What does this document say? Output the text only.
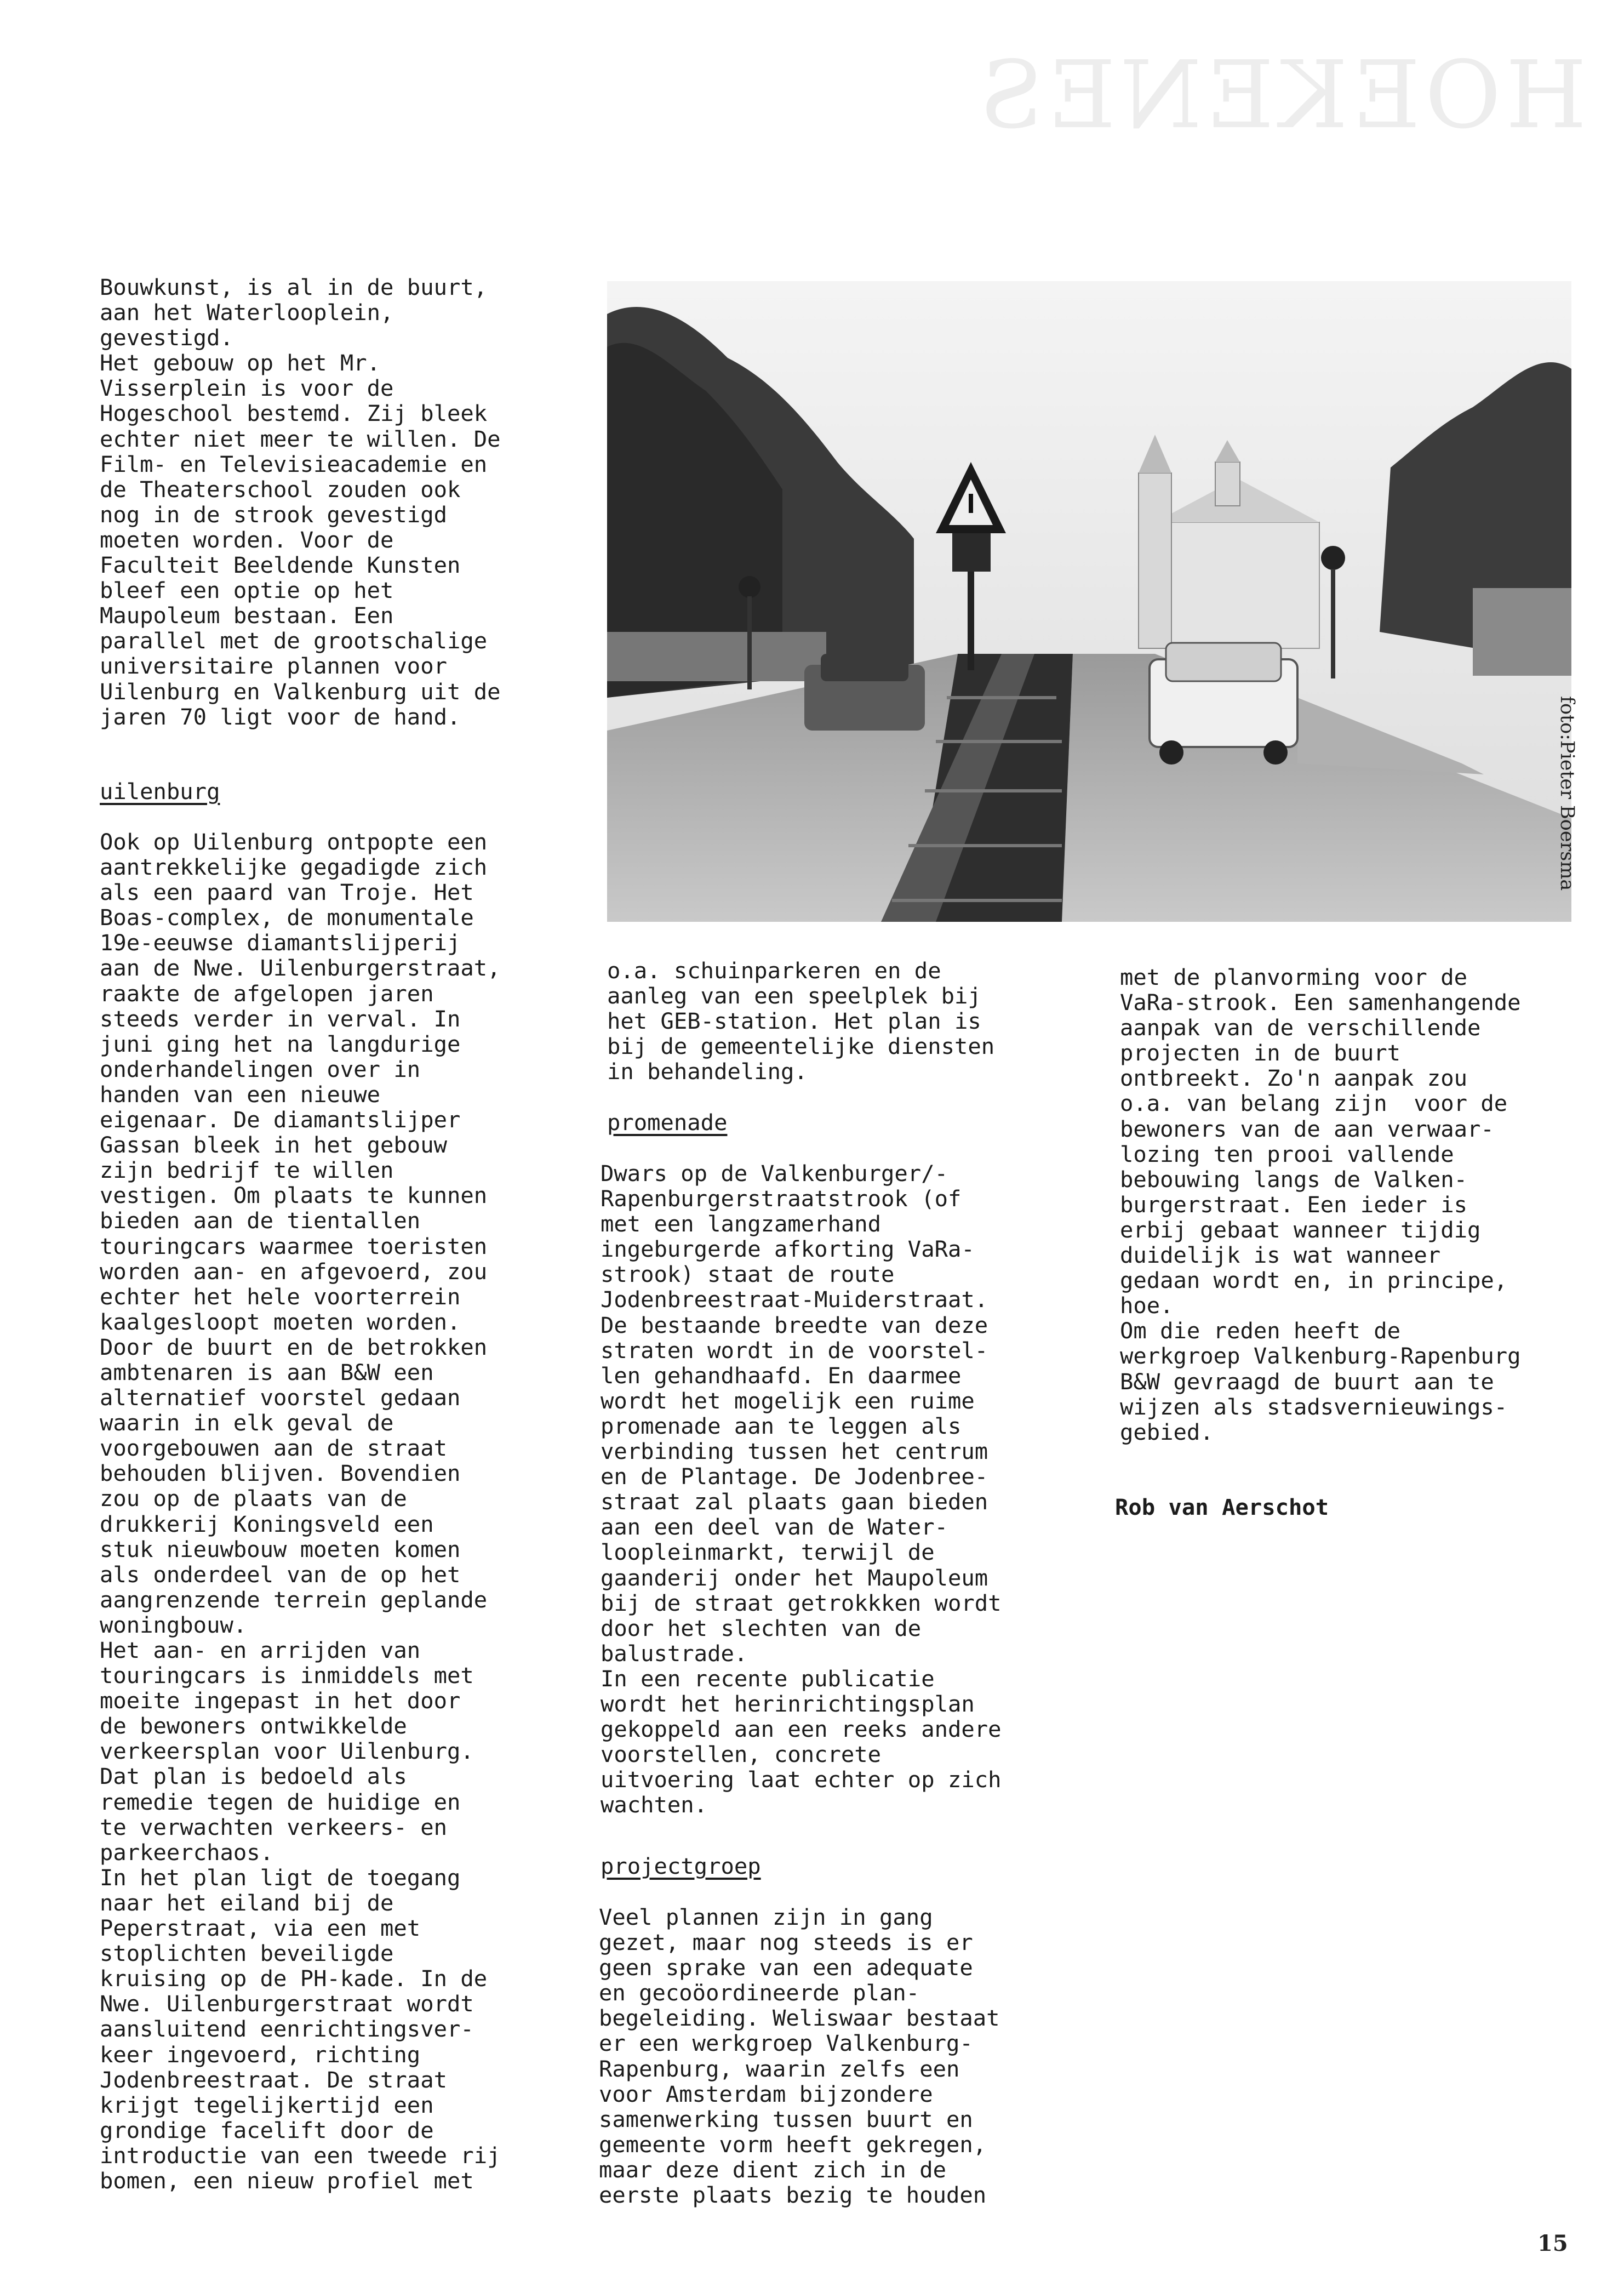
HOEKENES
Bouwkunst, is al in de buurt,
aan het Waterlooplein,
gevestigd.
Het gebouw op het Mr.
Visserplein is voor de
Hogeschool bestemd. Zij bleek
echter niet meer te willen. De
Film- en Televisieacademie en
de Theaterschool zouden ook
nog in de strook gevestigd
moeten worden. Voor de
Faculteit Beeldende Kunsten
bleef een optie op het
Maupoleum bestaan. Een
parallel met de grootschalige
universitaire plannen voor
Uilenburg en Valkenburg uit de
jaren 70 ligt voor de hand.
uilenburg
Ook op Uilenburg ontpopte een
aantrekkelijke gegadigde zich
als een paard van Troje. Het
Boas-complex, de monumentale
19e-eeuwse diamantslijperij
aan de Nwe. Uilenburgerstraat,
raakte de afgelopen jaren
steeds verder in verval. In
juni ging het na langdurige
onderhandelingen over in
handen van een nieuwe
eigenaar. De diamantslijper
Gassan bleek in het gebouw
zijn bedrijf te willen
vestigen. Om plaats te kunnen
bieden aan de tientallen
touringcars waarmee toeristen
worden aan- en afgevoerd, zou
echter het hele voorterrein
kaalgesloopt moeten worden.
Door de buurt en de betrokken
ambtenaren is aan B&W een
alternatief voorstel gedaan
waarin in elk geval de
voorgebouwen aan de straat
behouden blijven. Bovendien
zou op de plaats van de
drukkerij Koningsveld een
stuk nieuwbouw moeten komen
als onderdeel van de op het
aangrenzende terrein geplande
woningbouw.
Het aan- en arrijden van
touringcars is inmiddels met
moeite ingepast in het door
de bewoners ontwikkelde
verkeersplan voor Uilenburg.
Dat plan is bedoeld als
remedie tegen de huidige en
te verwachten verkeers- en
parkeerchaos.
In het plan ligt de toegang
naar het eiland bij de
Peperstraat, via een met
stoplichten beveiligde
kruising op de PH-kade. In de
Nwe. Uilenburgerstraat wordt
aansluitend eenrichtingsver-
keer ingevoerd, richting
Jodenbreestraat. De straat
krijgt tegelijkertijd een
grondige facelift door de
introductie van een tweede rij
bomen, een nieuw profiel met
o.a. schuinparkeren en de
aanleg van een speelplek bij
het GEB-station. Het plan is
bij de gemeentelijke diensten
in behandeling.
promenade
Dwars op de Valkenburger/-
Rapenburgerstraatstrook (of
met een langzamerhand
ingeburgerde afkorting VaRa-
strook) staat de route
Jodenbreestraat-Muiderstraat.
De bestaande breedte van deze
straten wordt in de voorstel-
len gehandhaafd. En daarmee
wordt het mogelijk een ruime
promenade aan te leggen als
verbinding tussen het centrum
en de Plantage. De Jodenbree-
straat zal plaats gaan bieden
aan een deel van de Water-
loopleinmarkt, terwijl de
gaanderij onder het Maupoleum
bij de straat getrokkken wordt
door het slechten van de
balustrade.
In een recente publicatie
wordt het herinrichtingsplan
gekoppeld aan een reeks andere
voorstellen, concrete
uitvoering laat echter op zich
wachten.
projectgroep
Veel plannen zijn in gang
gezet, maar nog steeds is er
geen sprake van een adequate
en gecoöordineerde plan-
begeleiding. Weliswaar bestaat
er een werkgroep Valkenburg-
Rapenburg, waarin zelfs een
voor Amsterdam bijzondere
samenwerking tussen buurt en
gemeente vorm heeft gekregen,
maar deze dient zich in de
eerste plaats bezig te houden
met de planvorming voor de
VaRa-strook. Een samenhangende
aanpak van de verschillende
projecten in de buurt
ontbreekt. Zo'n aanpak zou
o.a. van belang zijn  voor de
bewoners van de aan verwaar-
lozing ten prooi vallende
bebouwing langs de Valken-
burgerstraat. Een ieder is
erbij gebaat wanneer tijdig
duidelijk is wat wanneer
gedaan wordt en, in principe,
hoe.
Om die reden heeft de
werkgroep Valkenburg-Rapenburg
B&W gevraagd de buurt aan te
wijzen als stadsvernieuwings-
gebied.
Rob van Aerschot
foto:Pieter Boersma
15
